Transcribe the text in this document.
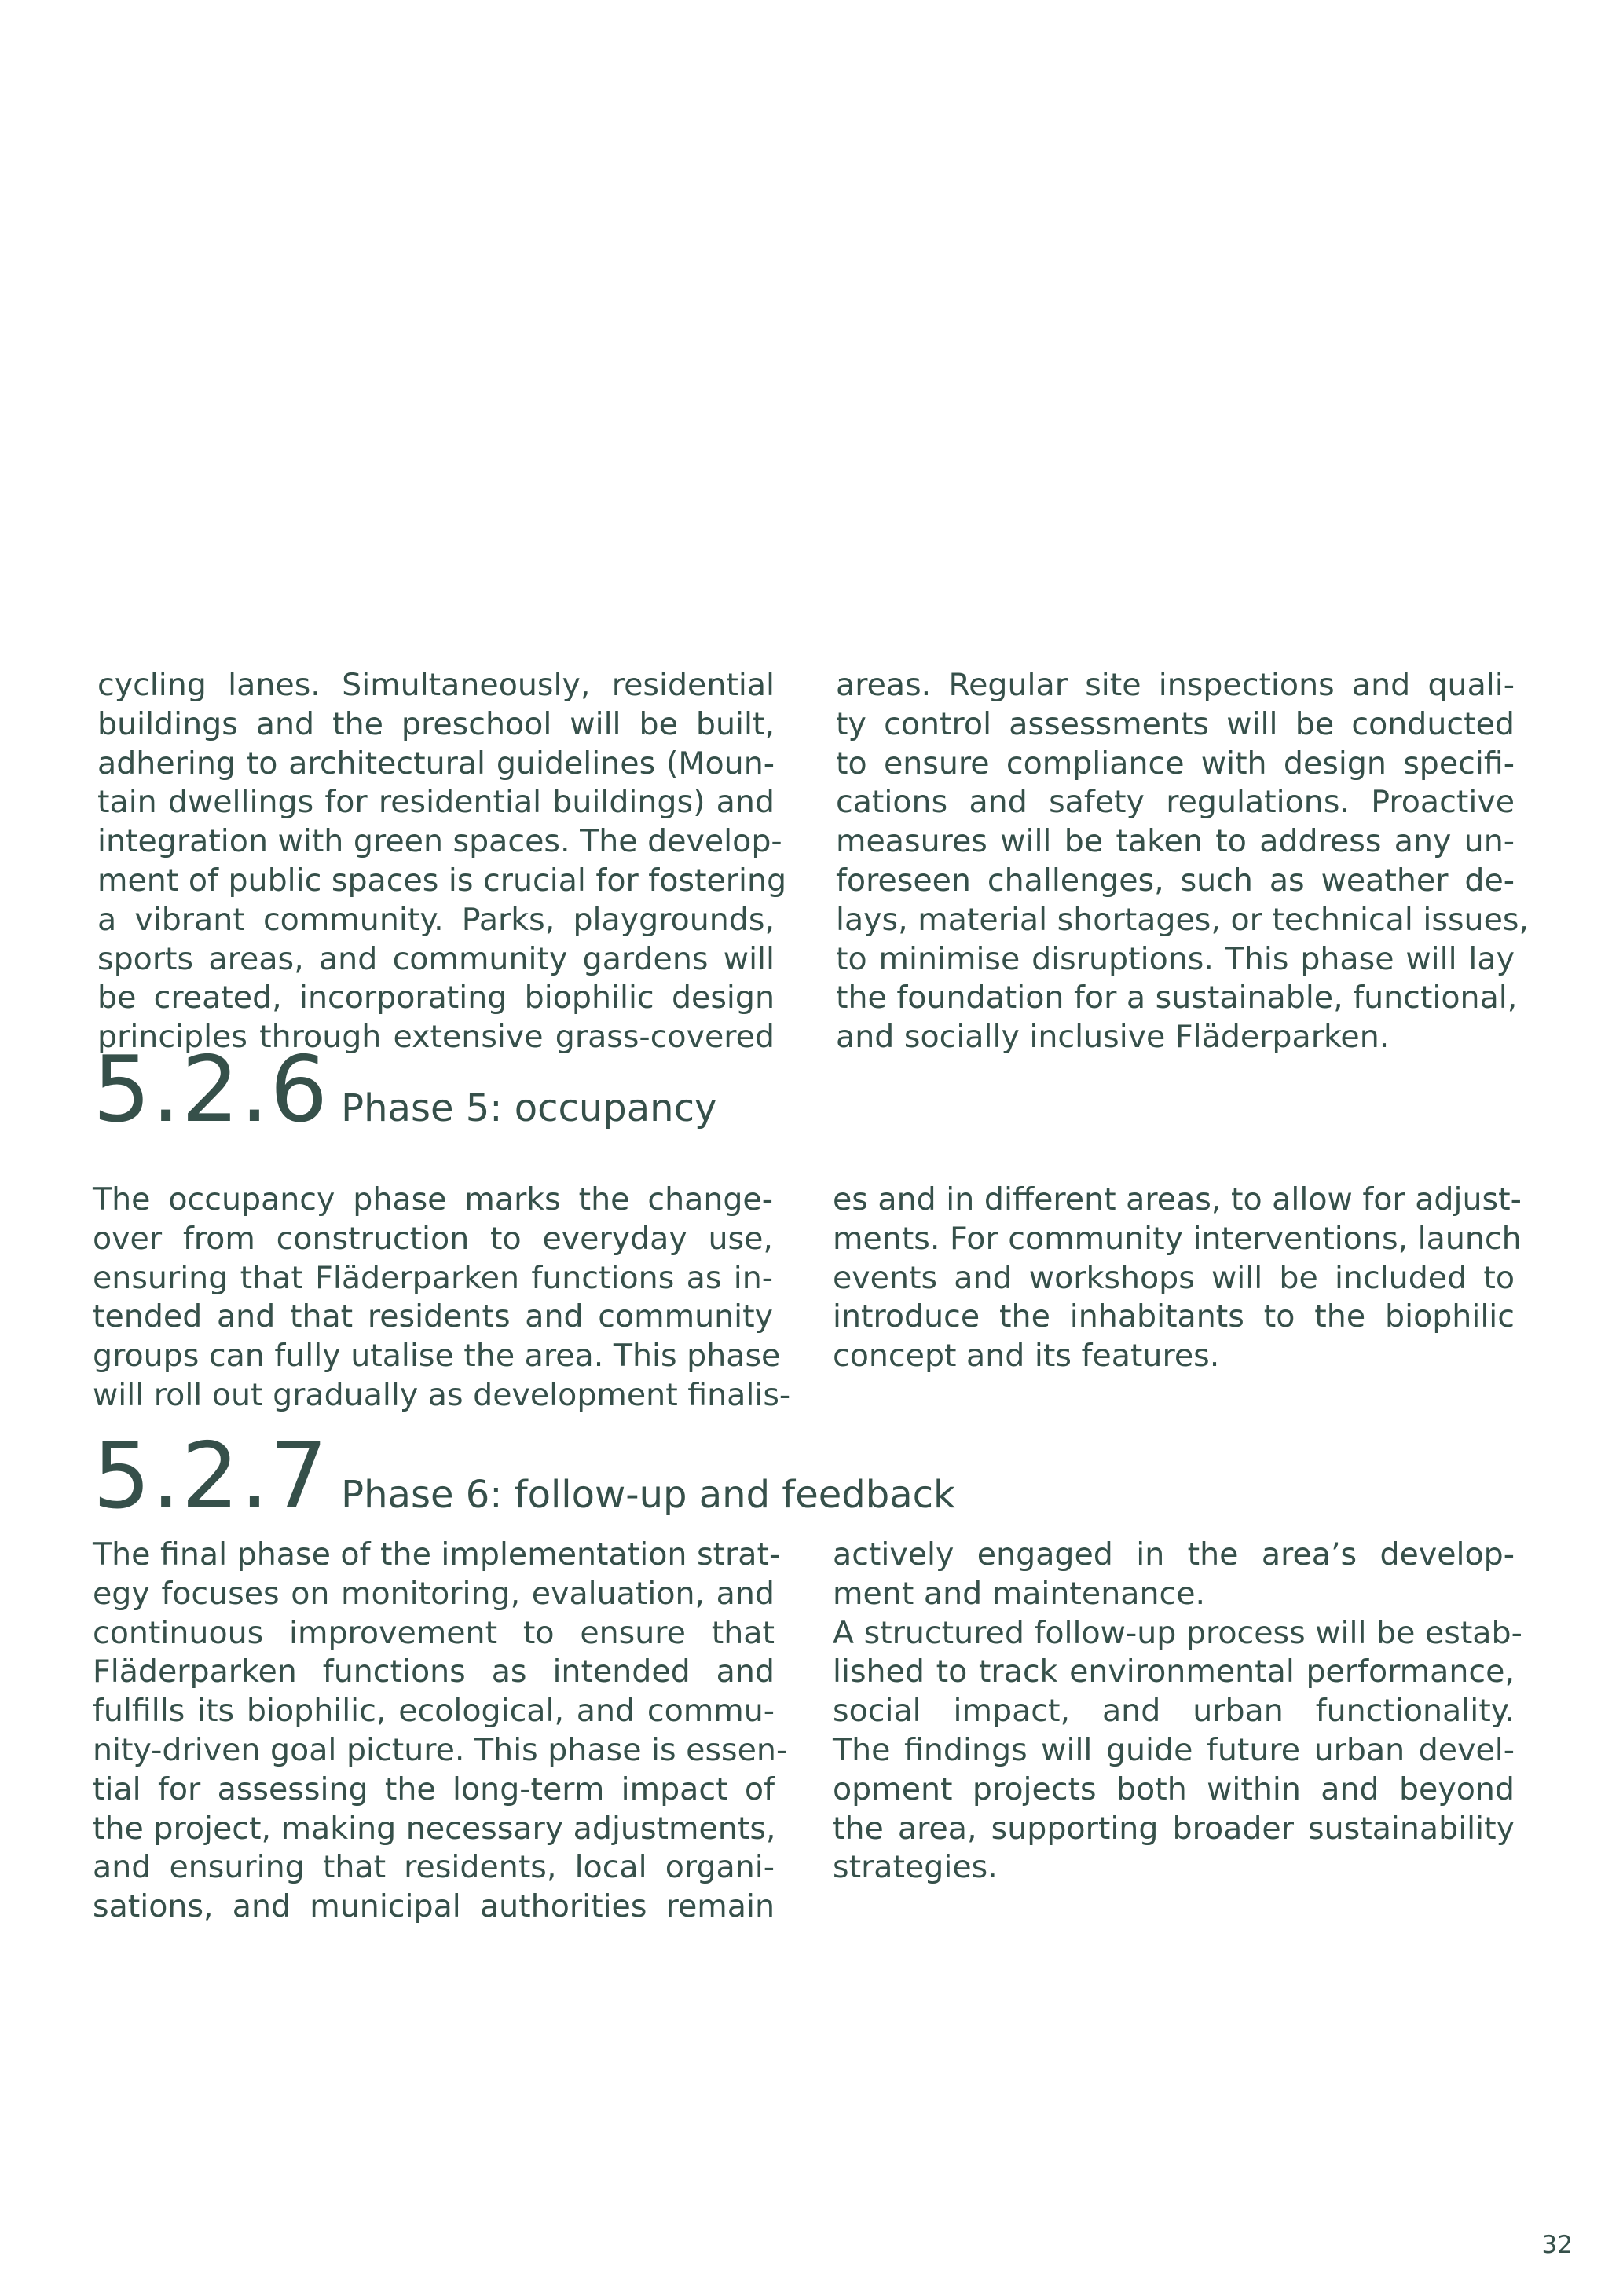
cycling lanes. Simultaneously, residential
buildings and the preschool will be built,
adhering to architectural guidelines (Moun-
tain dwellings for residential buildings) and
integration with green spaces. The develop-
ment of public spaces is crucial for fostering
a vibrant community. Parks, playgrounds,
sports areas, and community gardens will
be created, incorporating biophilic design
principles through extensive grass-covered
areas. Regular site inspections and quali-
ty control assessments will be conducted
to ensure compliance with design specifi-
cations and safety regulations. Proactive
measures will be taken to address any un-
foreseen challenges, such as weather de-
lays, material shortages, or technical issues,
to minimise disruptions. This phase will lay
the foundation for a sustainable, functional,
and socially inclusive Fläderparken.
5.2.6 Phase 5: occupancy
The occupancy phase marks the change-
over from construction to everyday use,
ensuring that Fläderparken functions as in-
tended and that residents and community
groups can fully utalise the area. This phase
will roll out gradually as development finalis-
es and in different areas, to allow for adjust-
ments. For community interventions, launch
events and workshops will be included to
introduce the inhabitants to the biophilic
concept and its features.
5.2.7 Phase 6: follow-up and feedback
The final phase of the implementation strat-
egy focuses on monitoring, evaluation, and
continuous improvement to ensure that
Fläderparken functions as intended and
fulfills its biophilic, ecological, and commu-
nity-driven goal picture. This phase is essen-
tial for assessing the long-term impact of
the project, making necessary adjustments,
and ensuring that residents, local organi-
sations, and municipal authorities remain
actively engaged in the area’s develop-
ment and maintenance.
A structured follow-up process will be estab-
lished to track environmental performance,
social impact, and urban functionality.
The findings will guide future urban devel-
opment projects both within and beyond
the area, supporting broader sustainability
strategies.
32
